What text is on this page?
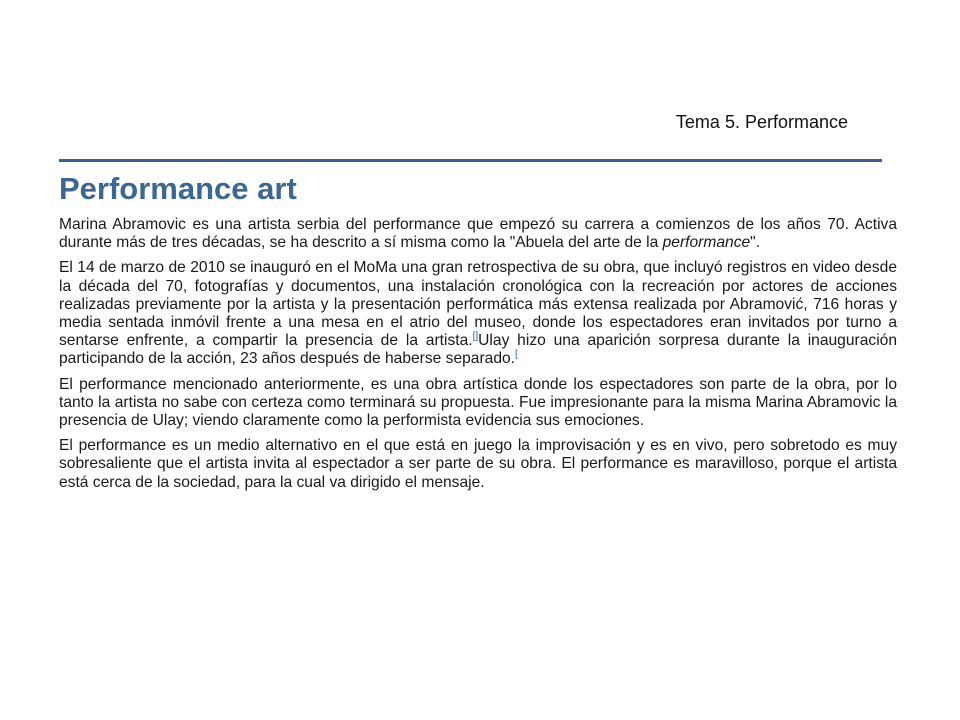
Tema 5. Performance
Performance art

Marina Abramovic es una artista serbia del performance que empezó su carrera a comienzos de los años 70. Activa durante más de tres décadas, se ha descrito a sí misma como la "Abuela del arte de la performance".

El 14 de marzo de 2010 se inauguró en el MoMa una gran retrospectiva de su obra, que incluyó registros en video desde la década del 70, fotografías y documentos, una instalación cronológica con la recreación por actores de acciones realizadas previamente por la artista y la presentación performática más extensa realizada por Abramović, 716 horas y media sentada inmóvil frente a una mesa en el atrio del museo, donde los espectadores eran invitados por turno a sentarse enfrente, a compartir la presencia de la artista.[]Ulay hizo una aparición sorpresa durante la inauguración participando de la acción, 23 años después de haberse separado.[

El performance mencionado anteriormente, es una obra artística donde los espectadores son parte de la obra, por lo tanto la artista no sabe con certeza como terminará su propuesta. Fue impresionante para la misma Marina Abramovic la presencia de Ulay; viendo claramente como la performista evidencia sus emociones.

El performance es un medio alternativo en el que está en juego la improvisación y es en vivo, pero sobretodo es muy sobresaliente que el artista invita al espectador a ser parte de su obra. El performance es maravilloso, porque el artista está cerca de la sociedad, para la cual va dirigido el mensaje.
